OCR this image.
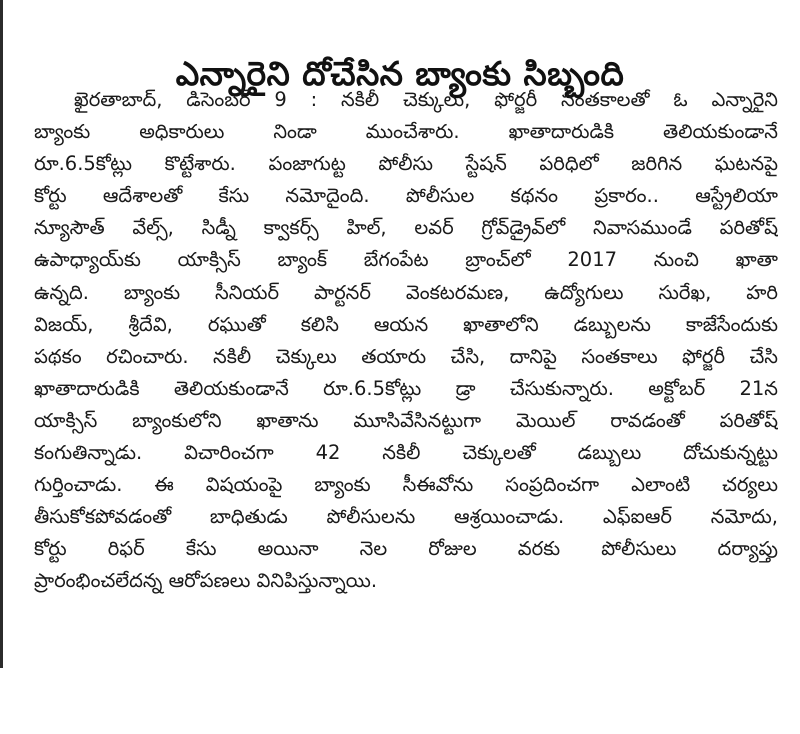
ఎన్నారైని దోచేసిన బ్యాంకు సిబ్బంది
ఖైరతాబాద్, డిసెంబర్ 9 : నకిలీ చెక్కులు, ఫోర్జరీ సంతకాలతో ఓ ఎన్నారైని
బ్యాంకు అధికారులు నిండా ముంచేశారు. ఖాతాదారుడికి తెలియకుండానే
రూ.6.5కోట్లు కొట్టేశారు. పంజాగుట్ట పోలీసు స్టేషన్ పరిధిలో జరిగిన ఘటనపై
కోర్టు ఆదేశాలతో కేసు నమోదైంది. పోలీసుల కథనం ప్రకారం.. ఆస్ట్రేలియా
న్యూసౌత్ వేల్స్, సిడ్నీ క్వాకర్స్ హిల్, లవర్ గ్రోవ్‌డ్రైవ్‌లో నివాసముండే పరితోష్
ఉపాధ్యాయ్‌కు యాక్సిస్ బ్యాంక్ బేగంపేట బ్రాంచ్‌లో 2017 నుంచి ఖాతా
ఉన్నది. బ్యాంకు సీనియర్ పార్టనర్ వెంకటరమణ, ఉద్యోగులు సురేఖ, హరి
విజయ్, శ్రీదేవి, రఘుతో కలిసి ఆయన ఖాతాలోని డబ్బులను కాజేసేందుకు
పథకం రచించారు. నకిలీ చెక్కులు తయారు చేసి, దానిపై సంతకాలు ఫోర్జరీ చేసి
ఖాతాదారుడికి తెలియకుండానే రూ.6.5కోట్లు డ్రా చేసుకున్నారు. అక్టోబర్ 21న
యాక్సిస్ బ్యాంకులోని ఖాతాను మూసివేసినట్టుగా మెయిల్ రావడంతో పరితోష్
కంగుతిన్నాడు. విచారించగా 42 నకిలీ చెక్కులతో డబ్బులు దోచుకున్నట్టు
గుర్తించాడు. ఈ విషయంపై బ్యాంకు సీఈవోను సంప్రదించగా ఎలాంటి చర్యలు
తీసుకోకపోవడంతో బాధితుడు పోలీసులను ఆశ్రయించాడు. ఎఫ్ఐఆర్ నమోదు,
కోర్టు రిఫర్ కేసు అయినా నెల రోజుల వరకు పోలీసులు దర్యాప్తు
ప్రారంభించలేదన్న ఆరోపణలు వినిపిస్తున్నాయి.
